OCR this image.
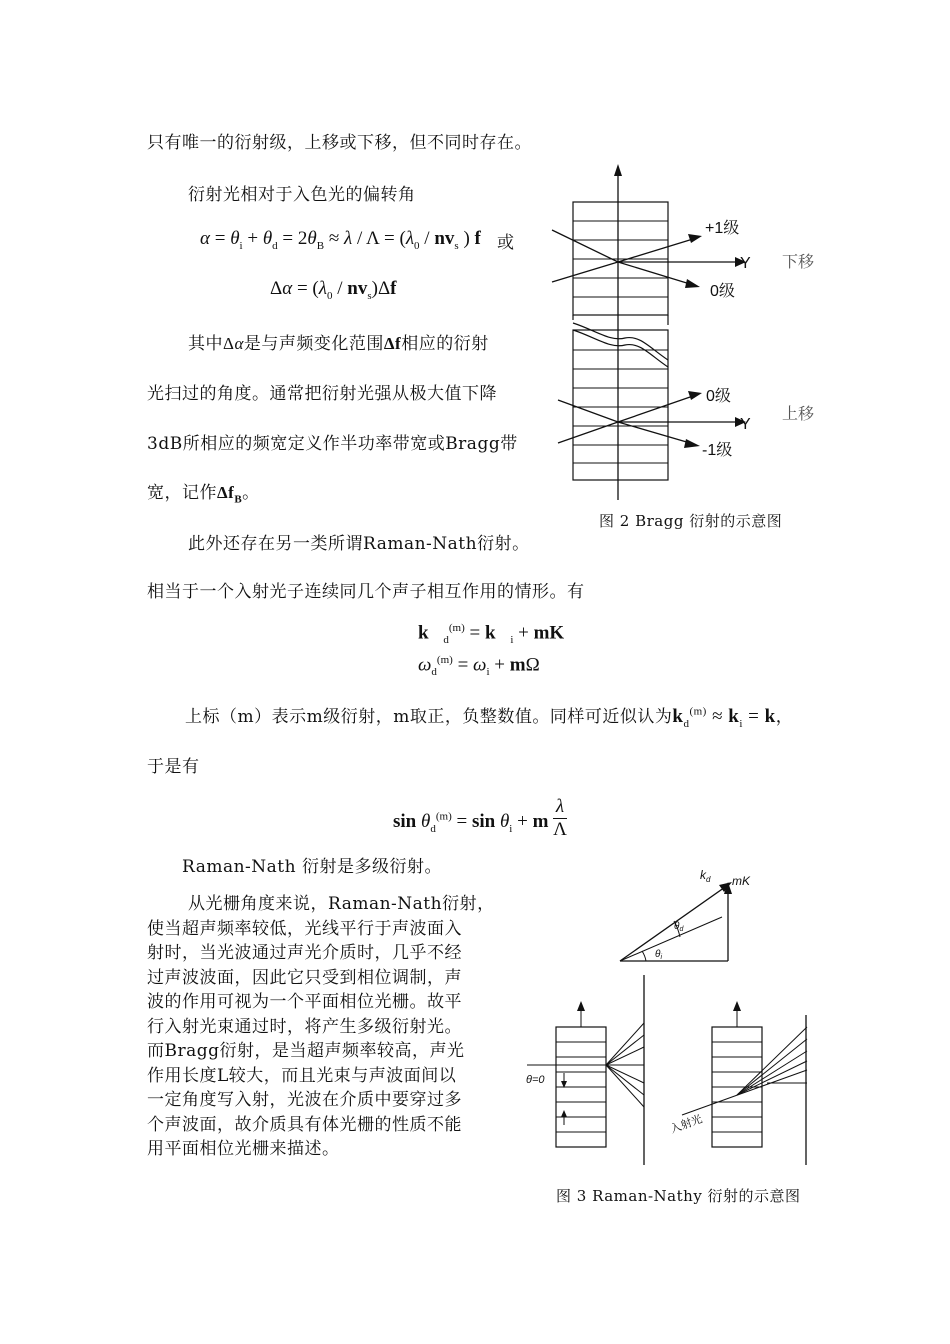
只有唯一的衍射级，上移或下移，但不同时存在。
衍射光相对于入色光的偏转角
$\alpha = \theta_i + \theta_d = 2\theta_B \approx \lambda / \Lambda = (\lambda_0 / nv_s$ ) f 或
$\Delta\alpha = (\lambda_0 / nv_s)\Delta f$
其中Δα是与声频变化范围Δf相应的衍射
光扫过的角度。通常把衍射光强从极大值下降
3dB所相应的频宽定义作半功率带宽或Bragg带
宽，记作$\Delta f_B$。
+1级
0级
Y 下移
0级
Y
上移
-1级
图 2 Bragg 衍射的示意图
此外还存在另一类所谓Raman-Nath衍射。
相当于一个入射光子连续同几个声子相互作用的情形。有
$k⃗_d^{(m)}$ = $k⃗_i$ + mK⃗
$\omega_d^{(m)} = \omega_i + m\Omega$
上标（m）表示m级衍射，m取正，负整数值。同样可近似认为$k_d^{(m)} \approx k_i = k$，
于是有
$\sin \theta_d^{(m)} = \sin \theta_i + m \frac{\lambda}{\Lambda}$
Raman-Nath 衍射是多级衍射。
从光栅角度来说，Raman-Nath衍射，
使当超声频率较低，光线平行于声波面入
射时，当光波通过声光介质时，几乎不经
过声波波面，因此它只受到相位调制，声
波的作用可视为一个平面相位光栅。故平
行入射光束通过时，将产生多级衍射光。
而Bragg衍射，是当超声频率较高，声光
作用长度L较大，而且光束与声波面间以
一定角度写入射，光波在介质中要穿过多
个声波面，故介质具有体光栅的性质不能
用平面相位光栅来描述。
$k_d$ mK
$\theta_d$
$\theta_i$
θ=0
入射光
图 3 Raman-Nathy 衍射的示意图
